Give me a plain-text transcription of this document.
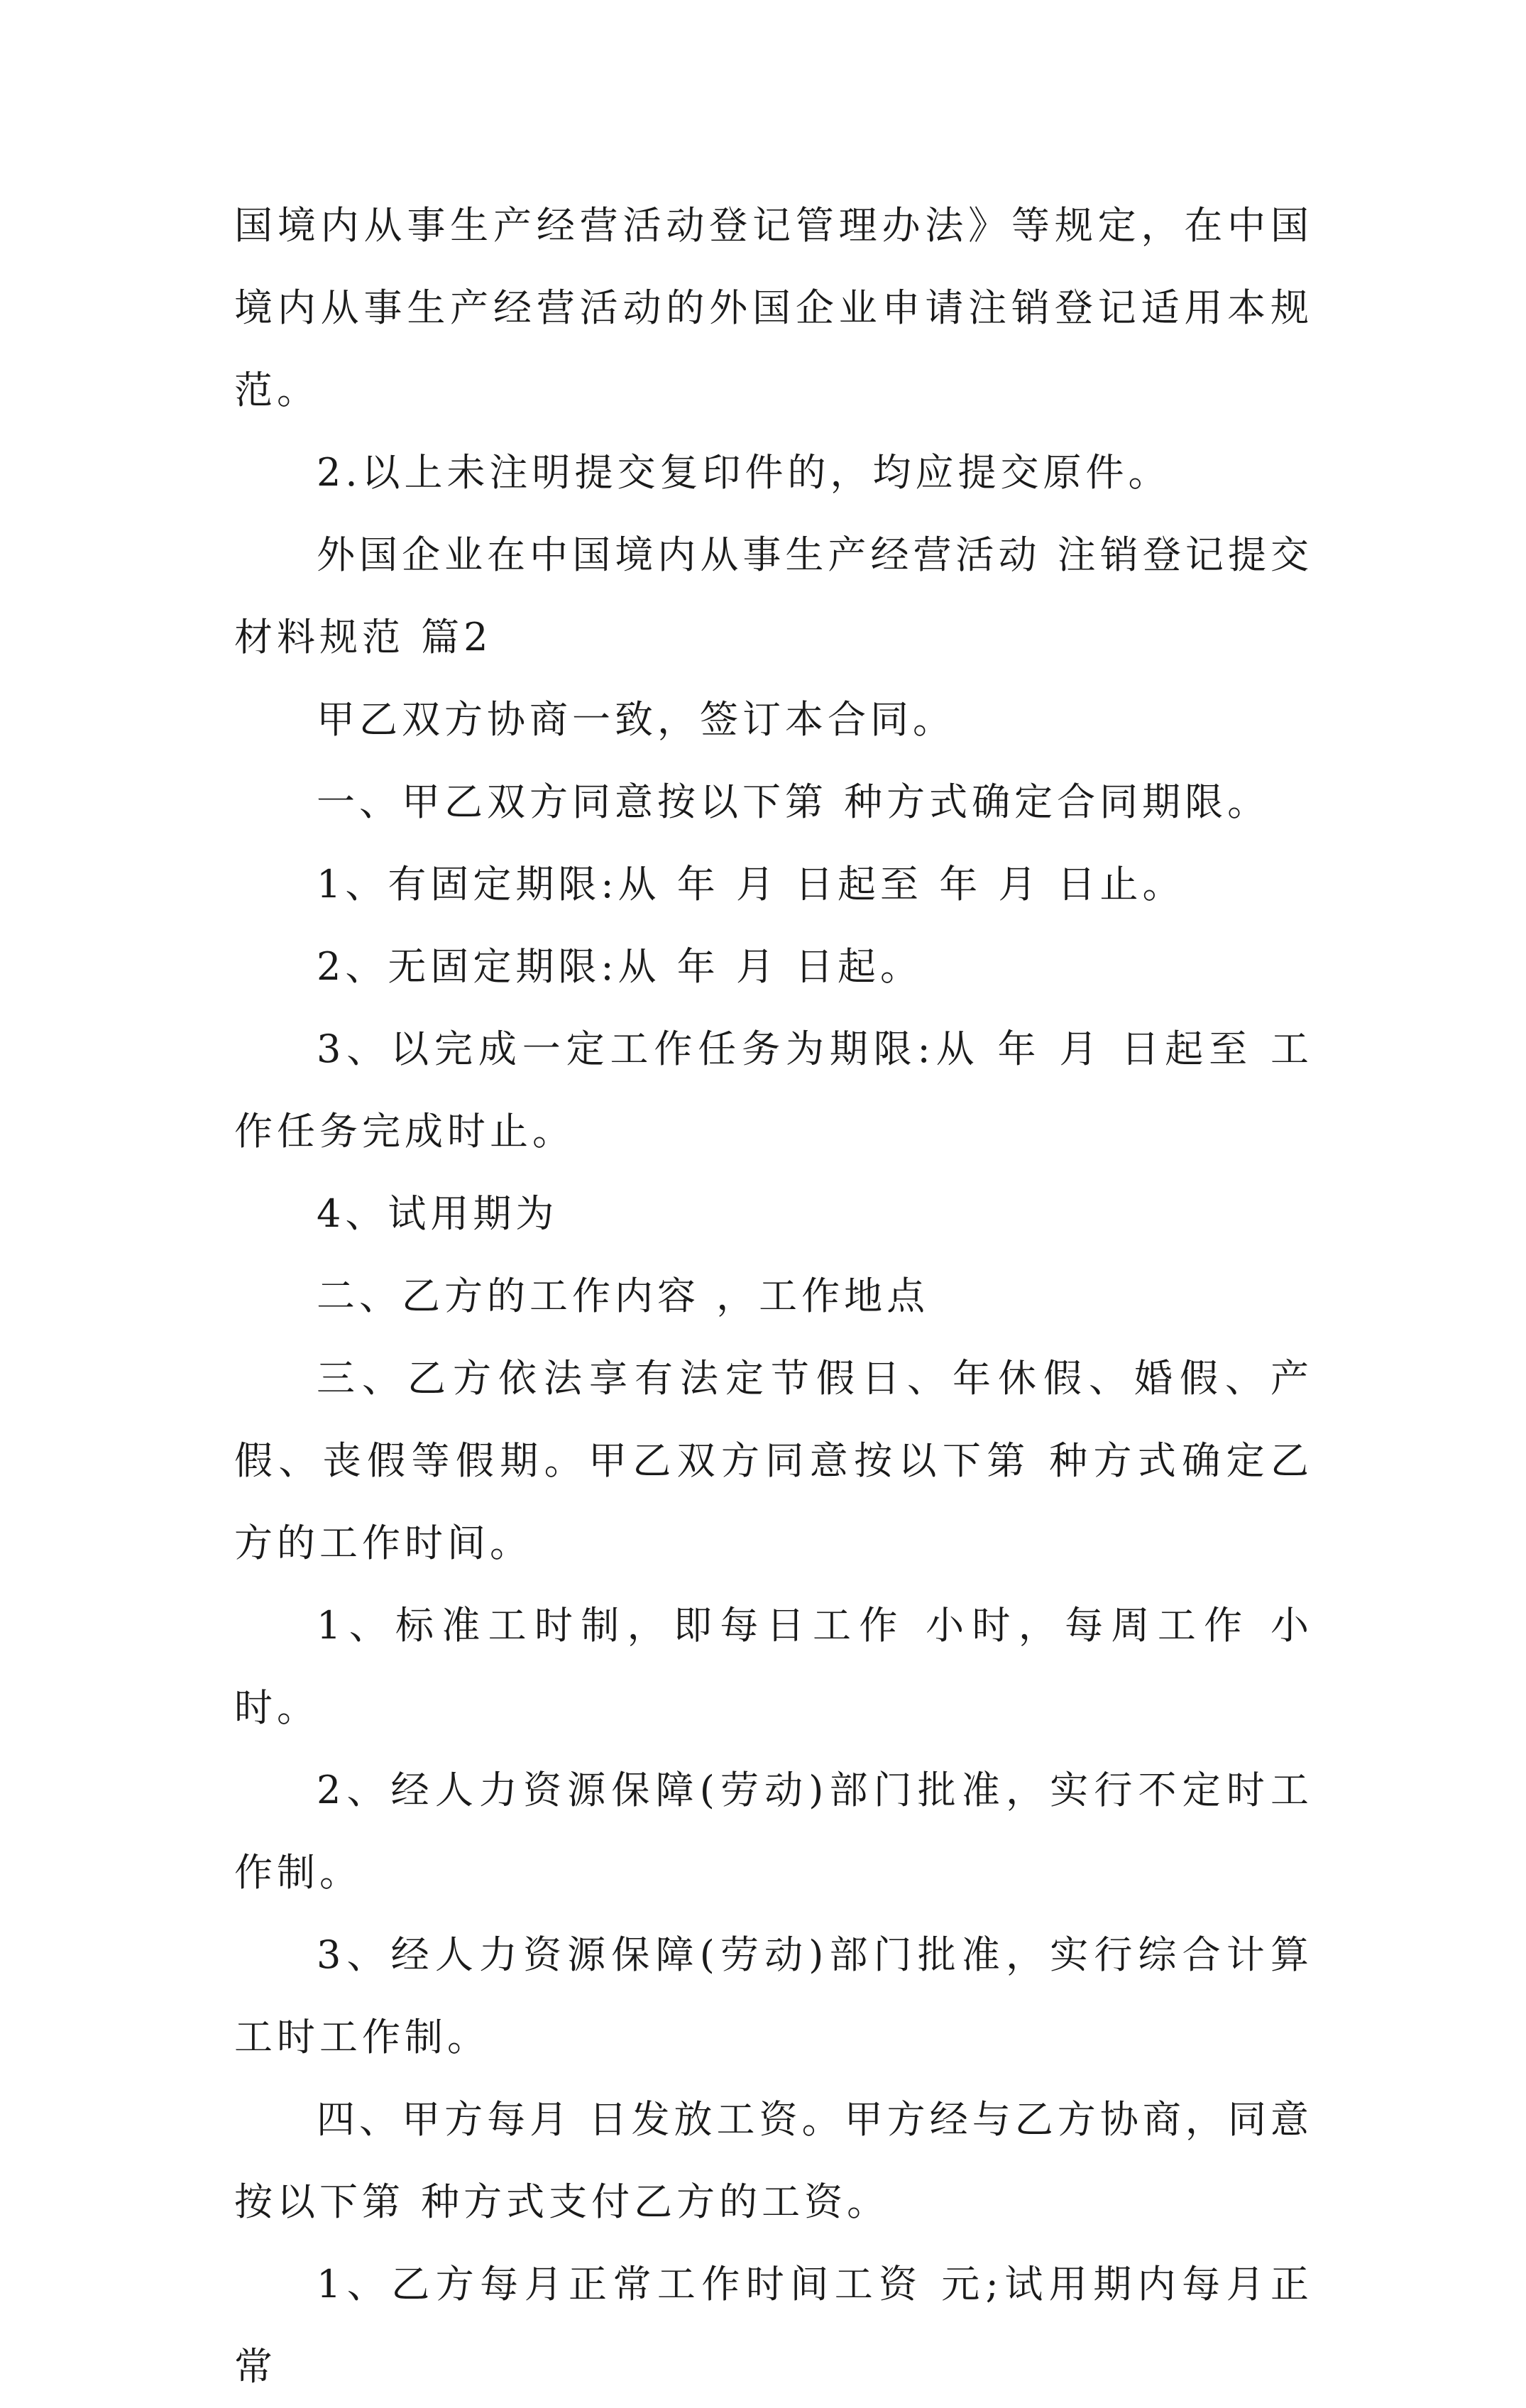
国境内从事生产经营活动登记管理办法》等规定，在中国境内从事生产经营活动的外国企业申请注销登记适用本规范。

2.以上未注明提交复印件的，均应提交原件。

外国企业在中国境内从事生产经营活动 注销登记提交材料规范 篇2

甲乙双方协商一致，签订本合同。

一、甲乙双方同意按以下第 种方式确定合同期限。

1、有固定期限:从 年 月 日起至 年 月 日止。

2、无固定期限:从 年 月 日起。

3、以完成一定工作任务为期限:从 年 月 日起至 工作任务完成时止。

4、试用期为

二、乙方的工作内容 ，工作地点

三、乙方依法享有法定节假日、年休假、婚假、产假、丧假等假期。甲乙双方同意按以下第 种方式确定乙方的工作时间。

1、标准工时制，即每日工作 小时，每周工作 小时。

2、经人力资源保障(劳动)部门批准，实行不定时工作制。

3、经人力资源保障(劳动)部门批准，实行综合计算工时工作制。

四、甲方每月 日发放工资。甲方经与乙方协商，同意按以下第 种方式支付乙方的工资。

1、乙方每月正常工作时间工资 元;试用期内每月正常
